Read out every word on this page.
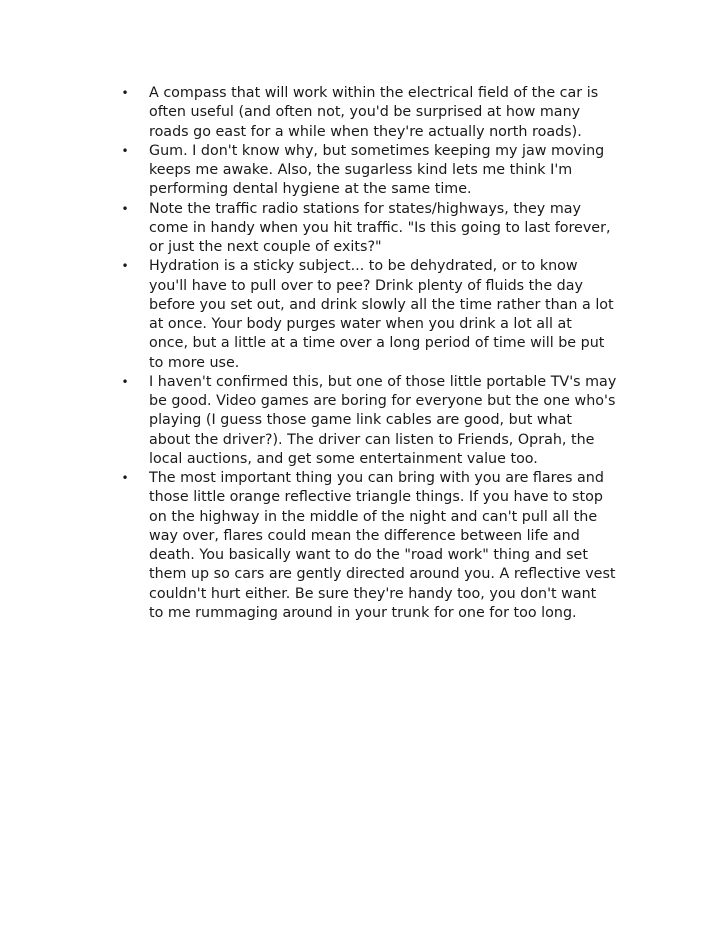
• A compass that will work within the electrical field of the car is
often useful (and often not, you'd be surprised at how many
roads go east for a while when they're actually north roads).
• Gum. I don't know why, but sometimes keeping my jaw moving
keeps me awake. Also, the sugarless kind lets me think I'm
performing dental hygiene at the same time.
• Note the traffic radio stations for states/highways, they may
come in handy when you hit traffic. "Is this going to last forever,
or just the next couple of exits?"
• Hydration is a sticky subject... to be dehydrated, or to know
you'll have to pull over to pee? Drink plenty of fluids the day
before you set out, and drink slowly all the time rather than a lot
at once. Your body purges water when you drink a lot all at
once, but a little at a time over a long period of time will be put
to more use.
• I haven't confirmed this, but one of those little portable TV's may
be good. Video games are boring for everyone but the one who's
playing (I guess those game link cables are good, but what
about the driver?). The driver can listen to Friends, Oprah, the
local auctions, and get some entertainment value too.
• The most important thing you can bring with you are flares and
those little orange reflective triangle things. If you have to stop
on the highway in the middle of the night and can't pull all the
way over, flares could mean the difference between life and
death. You basically want to do the "road work" thing and set
them up so cars are gently directed around you. A reflective vest
couldn't hurt either. Be sure they're handy too, you don't want
to me rummaging around in your trunk for one for too long.
